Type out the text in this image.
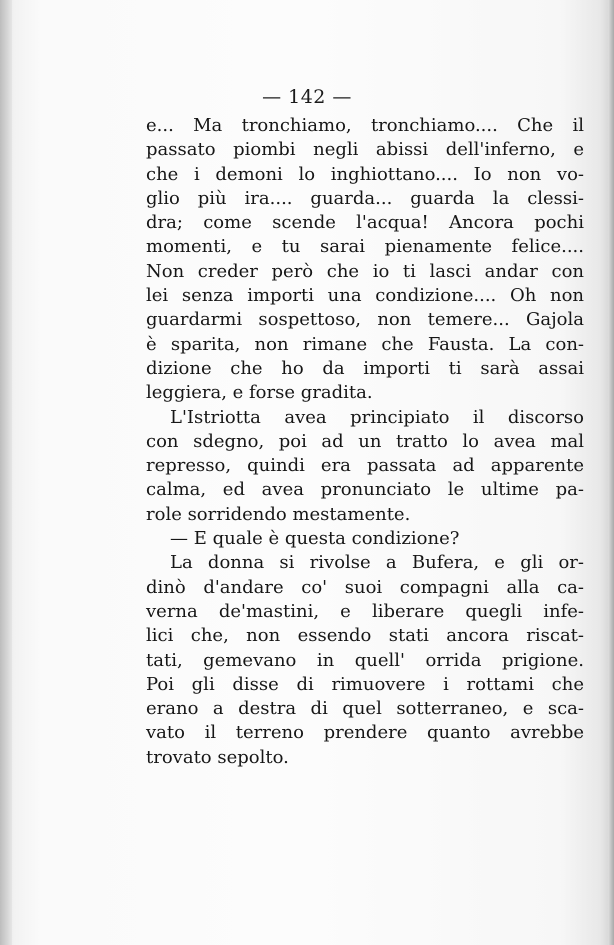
— 142 —
e... Ma tronchiamo, tronchiamo.... Che il
passato piombi negli abissi dell'inferno, e
che i demoni lo inghiottano.... Io non vo-
glio più ira.... guarda... guarda la clessi-
dra; come scende l'acqua! Ancora pochi
momenti, e tu sarai pienamente felice....
Non creder però che io ti lasci andar con
lei senza importi una condizione.... Oh non
guardarmi sospettoso, non temere... Gajola
è sparita, non rimane che Fausta. La con-
dizione che ho da importi ti sarà assai
leggiera, e forse gradita.
L'Istriotta avea principiato il discorso
con sdegno, poi ad un tratto lo avea mal
represso, quindi era passata ad apparente
calma, ed avea pronunciato le ultime pa-
role sorridendo mestamente.
— E quale è questa condizione?
La donna si rivolse a Bufera, e gli or-
dinò d'andare co' suoi compagni alla ca-
verna de'mastini, e liberare quegli infe-
lici che, non essendo stati ancora riscat-
tati, gemevano in quell' orrida prigione.
Poi gli disse di rimuovere i rottami che
erano a destra di quel sotterraneo, e sca-
vato il terreno prendere quanto avrebbe
trovato sepolto.
